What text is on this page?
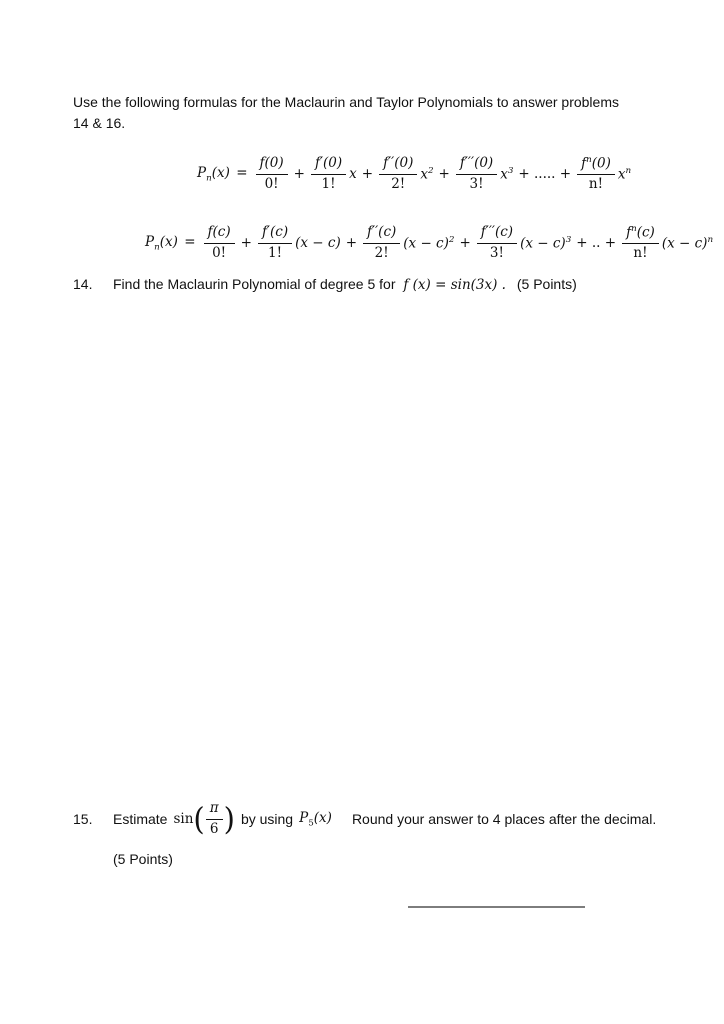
Use the following formulas for the Maclaurin and Taylor Polynomials to answer problems
14 & 16.
$P_n(x) = \frac{f(0)}{0!} + \frac{f'(0)}{1!}$ $x + \frac{f''(0)}{2!} x^2 + \frac{f'''(0)}{3!} x^3$ + ..... + $\frac{f^n(0)}{n!} x^n$
$P_n(x) = \frac{f(c)}{0!} + \frac{f'(c)}{1!} (x - c) + \frac{f''(c)}{2!} (x - c)^2 + \frac{f'''(c)}{3!} (x - c)^3$ + .. + $\frac{f^n(c)}{n!} (x - c)^n$
14.	Find the Maclaurin Polynomial of degree 5 for f (x) = sin(3x) . (5 Points)
15.	Estimate sin ( $\frac{\pi}{6}$ ) by using $P_5(x)$ Round your answer to 4 places after the decimal.
(5 Points)
